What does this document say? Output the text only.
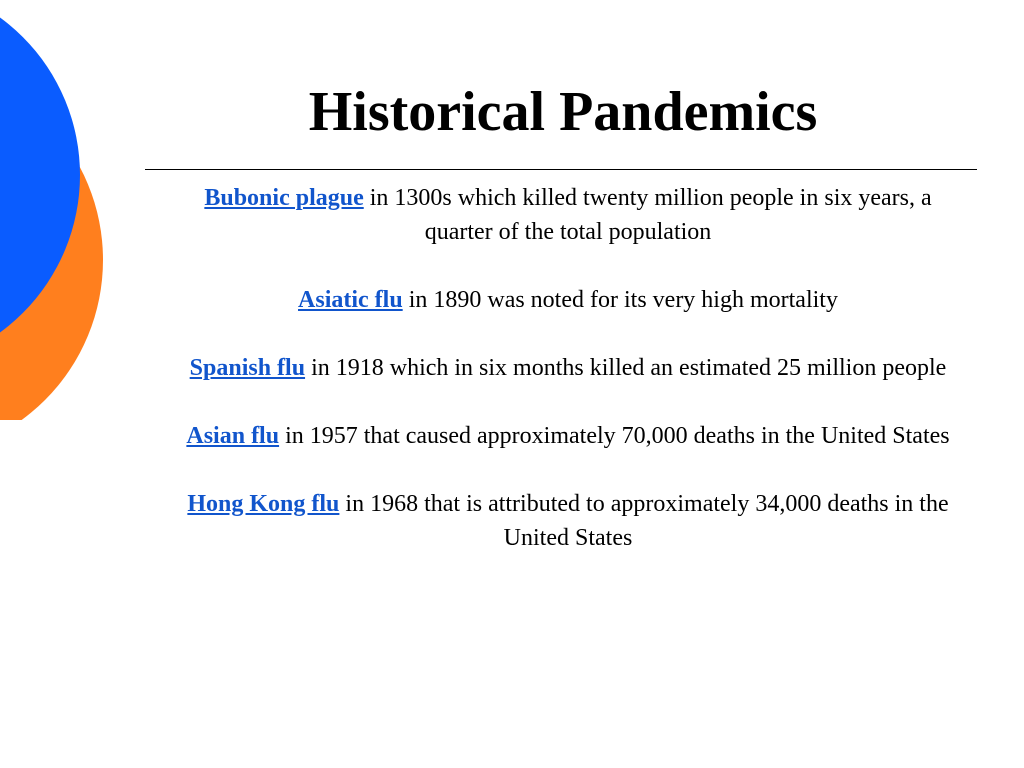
Historical Pandemics

Bubonic plague in 1300s which killed twenty million people in six years, a quarter of the total population

Asiatic flu in 1890 was noted for its very high mortality

Spanish flu in 1918 which in six months killed an estimated 25 million people

Asian flu in 1957 that caused approximately 70,000 deaths in the United States

Hong Kong flu in 1968 that is attributed to approximately 34,000 deaths in the United States
